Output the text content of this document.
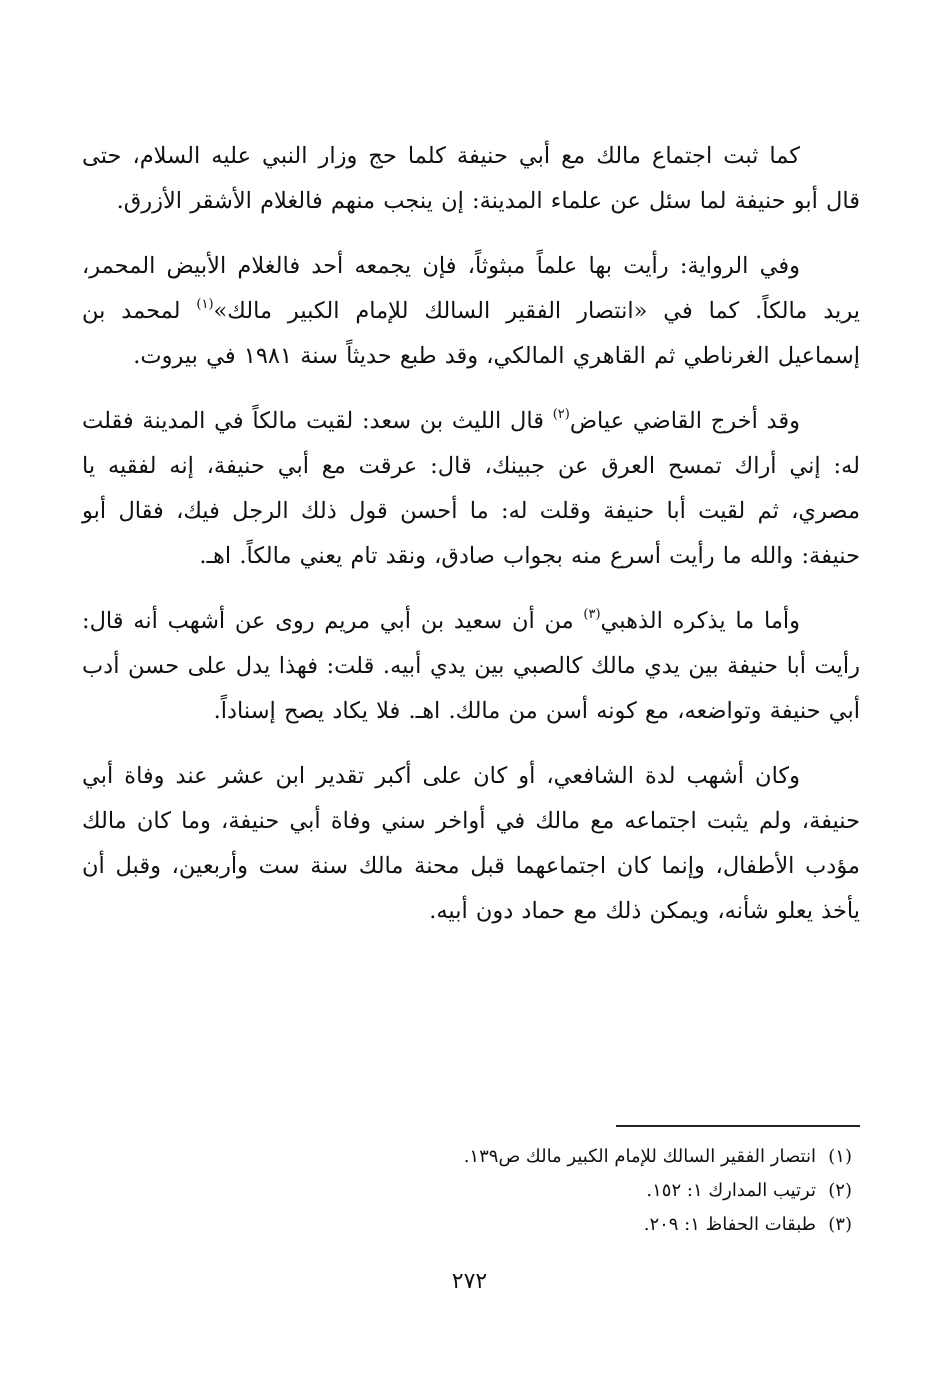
كما ثبت اجتماع مالك مع أبي حنيفة كلما حج وزار النبي عليه السلام، حتى قال أبو حنيفة لما سئل عن علماء المدينة: إن ينجب منهم فالغلام الأشقر الأزرق.

وفي الرواية: رأيت بها علماً مبثوثاً، فإن يجمعه أحد فالغلام الأبيض المحمر، يريد مالكاً. كما في «انتصار الفقير السالك للإمام الكبير مالك»$^{(١)}$ لمحمد بن إسماعيل الغرناطي ثم القاهري المالكي، وقد طبع حديثاً سنة ١٩٨١ في بيروت.

وقد أخرج القاضي عياض$^{(٢)}$ قال الليث بن سعد: لقيت مالكاً في المدينة فقلت له: إني أراك تمسح العرق عن جبينك، قال: عرقت مع أبي حنيفة، إنه لفقيه يا مصري، ثم لقيت أبا حنيفة وقلت له: ما أحسن قول ذلك الرجل فيك، فقال أبو حنيفة: والله ما رأيت أسرع منه بجواب صادق، ونقد تام يعني مالكاً. اهـ.

وأما ما يذكره الذهبي$^{(٣)}$ من أن سعيد بن أبي مريم روى عن أشهب أنه قال: رأيت أبا حنيفة بين يدي مالك كالصبي بين يدي أبيه. قلت: فهذا يدل على حسن أدب أبي حنيفة وتواضعه، مع كونه أسن من مالك. اهـ. فلا يكاد يصح إسناداً.

وكان أشهب لدة الشافعي، أو كان على أكبر تقدير ابن عشر عند وفاة أبي حنيفة، ولم يثبت اجتماعه مع مالك في أواخر سني وفاة أبي حنيفة، وما كان مالك مؤدب الأطفال، وإنما كان اجتماعهما قبل محنة مالك سنة ست وأربعين، وقبل أن يأخذ يعلو شأنه، ويمكن ذلك مع حماد دون أبيه.

(١)
انتصار الفقير السالك للإمام الكبير مالك ص١٣٩.
(٢)
ترتيب المدارك ١: ١٥٢.
(٣)
طبقات الحفاظ ١: ٢٠٩.
٢٧٢
